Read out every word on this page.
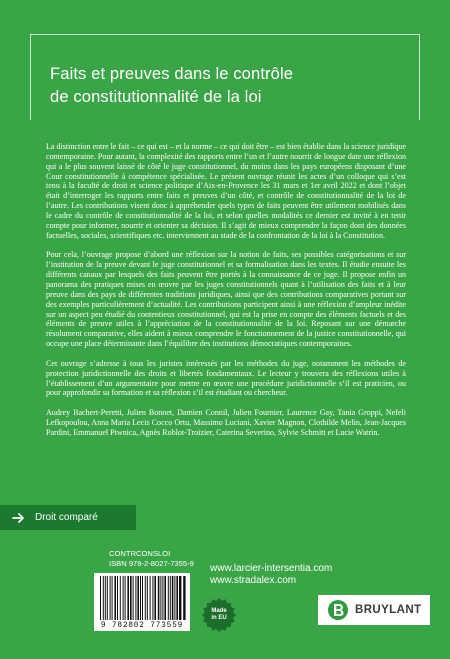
Faits et preuves dans le contrôle
de constitutionnalité de la loi

La distinction entre le fait – ce qui est – et la norme – ce qui doit être – est bien établie dans la science juridique contemporaine. Pour autant, la complexité des rapports entre l’un et l’autre nourrit de longue date une réflexion qui a le plus souvent laissé de côté le juge constitutionnel, du moins dans les pays européens disposant d’une Cour constitutionnelle à compétence spécialisée. Le présent ouvrage réunit les actes d’un colloque qui s’est tenu à la faculté de droit et science politique d’Aix-en-Provence les 31 mars et 1er avril 2022 et dont l’objet était d’interroger les rapports entre faits et preuves d’un côté, et contrôle de constitutionnalité de la loi de l’autre. Les contributions visent donc à appréhender quels types de faits peuvent être utilement mobilisés dans le cadre du contrôle de constitutionnalité de la loi, et selon quelles modalités ce dernier est invité à en tenir compte pour informer, nourrir et orienter sa décision. Il s’agit de mieux comprendre la façon dont des données factuelles, sociales, scientifiques etc. interviennent au stade de la confrontation de la loi à la Constitution.

Pour cela, l’ouvrage propose d’abord une réflexion sur la notion de faits, ses possibles catégorisations et sur l’institution de la preuve devant le juge constitutionnel et sa formalisation dans les textes. Il étudie ensuite les différents canaux par lesquels des faits peuvent être portés à la connaissance de ce juge. Il propose enfin un panorama des pratiques mises en œuvre par les juges constitutionnels quant à l’utilisation des faits et à leur preuve dans des pays de différentes traditions juridiques, ainsi que des contributions comparatives portant sur des exemples particulièrement d’actualité. Les contributions participent ainsi à une réflexion d’ampleur inédite sur un aspect peu étudié du contentieux constitutionnel, qui est la prise en compte des éléments factuels et des éléments de preuve utiles à l’appréciation de la constitutionnalité de la loi. Reposant sur une démarche résolument comparative, elles aident à mieux comprendre le fonctionnement de la justice constitutionnelle, qui occupe une place déterminante dans l’équilibre des institutions démocratiques contemporaines.

Cet ouvrage s’adresse à tous les juristes intéressés par les méthodes du juge, notamment les méthodes de protection juridictionnelle des droits et libertés fondamentaux. Le lecteur y trouvera des réflexions utiles à l’établissement d’un argumentaire pour mettre en œuvre une procédure juridictionnelle s’il est praticien, ou pour approfondir sa formation et sa réflexion s’il est étudiant ou chercheur.

Audrey Bachert-Peretti, Julien Bonnet, Damien Connil, Julien Fournier, Laurence Gay, Tania Groppi, Nefeli Lefkopoulou, Anna Maria Lecis Cocco Ortu, Massimo Luciani, Xavier Magnon, Clothilde Melin, Jean-Jacques Pardini, Emmanuel Piwnica, Agnès Roblot-Troizier, Caterina Severino, Sylvie Schmitt et Lucie Watrin.

Droit comparé
CONTRCONSLOI
ISBN 978-2-8027-7355-9
9 782802 773559
www.larcier-intersentia.com
www.stradalex.com
Made
in EU
BRUYLANT
